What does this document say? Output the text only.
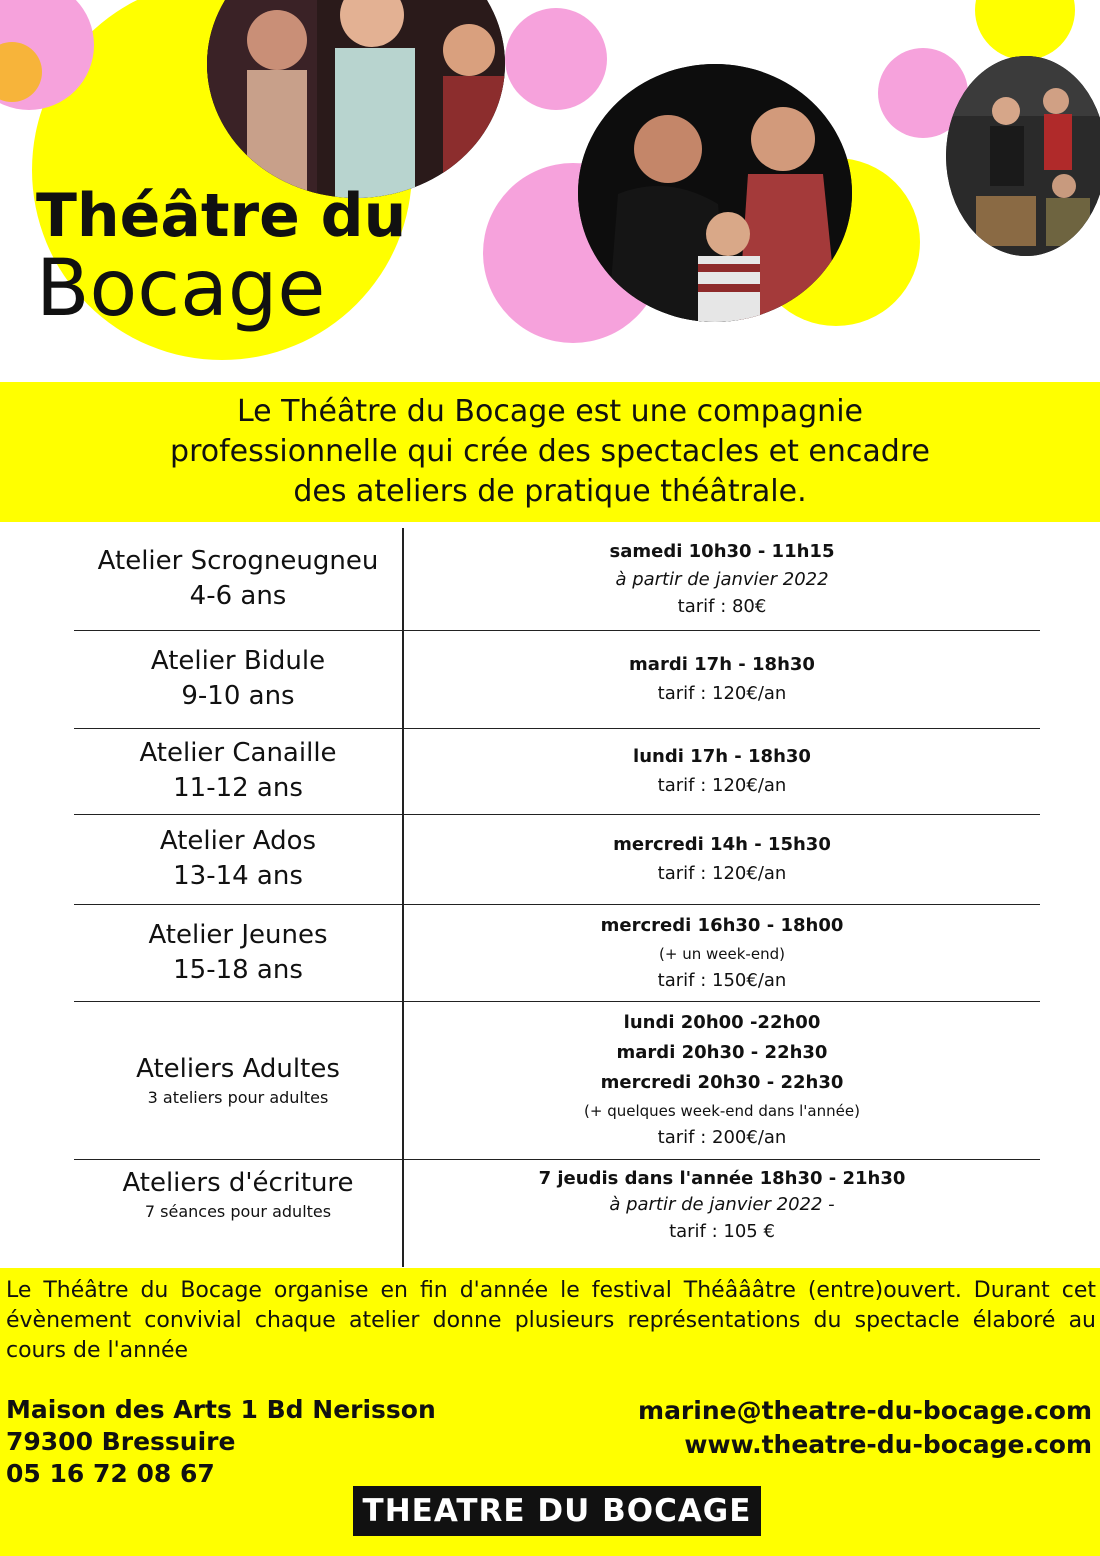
Théâtre du
Bocage

Le Théâtre du Bocage est une compagnie professionnelle qui crée des spectacles et encadre des ateliers de pratique théâtrale.

Atelier Scrogneugneu
4-6 ans	samedi 10h30 - 11h15
à partir de janvier 2022
tarif : 80€

Atelier Bidule
9-10 ans	mardi 17h - 18h30
tarif : 120€/an

Atelier Canaille
11-12 ans	lundi 17h - 18h30
tarif : 120€/an

Atelier Ados
13-14 ans	mercredi 14h - 15h30
tarif : 120€/an

Atelier Jeunes
15-18 ans	mercredi 16h30 - 18h00
(+ un week-end)
tarif : 150€/an

Ateliers Adultes
3 ateliers pour adultes	lundi 20h00 -22h00
mardi 20h30 - 22h30
mercredi 20h30 - 22h30
(+ quelques week-end dans l'année)
tarif : 200€/an

Ateliers d'écriture
7 séances pour adultes	7 jeudis dans l'année 18h30 - 21h30
à partir de janvier 2022 -
tarif : 105 €

Le Théâtre du Bocage organise en fin d'année le festival Théâââtre (entre)ouvert. Durant cet évènement convivial chaque atelier donne plusieurs représentations du spectacle élaboré au cours de l'année

Maison des Arts 1 Bd Nerisson
79300 Bressuire
05 16 72 08 67
marine@theatre-du-bocage.com
www.theatre-du-bocage.com
THEATRE DU BOCAGE
